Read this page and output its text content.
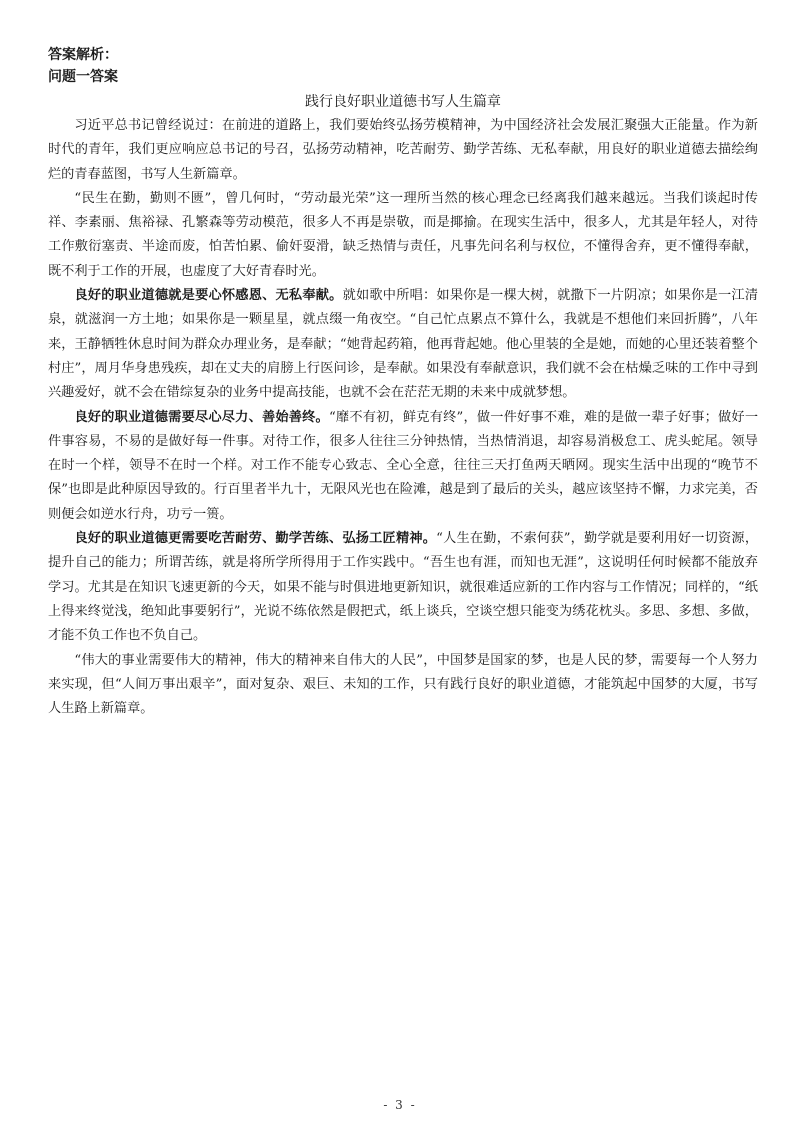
答案解析：

问题一答案

践行良好职业道德书写人生篇章

习近平总书记曾经说过：在前进的道路上，我们要始终弘扬劳模精神，为中国经济社会发展汇聚强大正能量。作为新时代的青年，我们更应响应总书记的号召，弘扬劳动精神，吃苦耐劳、勤学苦练、无私奉献，用良好的职业道德去描绘绚烂的青春蓝图，书写人生新篇章。

“民生在勤，勤则不匮”，曾几何时，“劳动最光荣”这一理所当然的核心理念已经离我们越来越远。当我们谈起时传祥、李素丽、焦裕禄、孔繁森等劳动模范，很多人不再是崇敬，而是揶揄。在现实生活中，很多人，尤其是年轻人，对待工作敷衍塞责、半途而废，怕苦怕累、偷奸耍滑，缺乏热情与责任，凡事先问名利与权位，不懂得舍弃，更不懂得奉献，既不利于工作的开展，也虚度了大好青春时光。

良好的职业道德就是要心怀感恩、无私奉献。就如歌中所唱：如果你是一棵大树，就撒下一片阴凉；如果你是一江清泉，就滋润一方土地；如果你是一颗星星，就点缀一角夜空。“自己忙点累点不算什么，我就是不想他们来回折腾”，八年来，王静牺牲休息时间为群众办理业务，是奉献；“她背起药箱，他再背起她。他心里装的全是她，而她的心里还装着整个村庄”，周月华身患残疾，却在丈夫的肩膀上行医问诊，是奉献。如果没有奉献意识，我们就不会在枯燥乏味的工作中寻到兴趣爱好，就不会在错综复杂的业务中提高技能，也就不会在茫茫无期的未来中成就梦想。

良好的职业道德需要尽心尽力、善始善终。“靡不有初，鲜克有终”，做一件好事不难，难的是做一辈子好事；做好一件事容易，不易的是做好每一件事。对待工作，很多人往往三分钟热情，当热情消退，却容易消极怠工、虎头蛇尾。领导在时一个样，领导不在时一个样。对工作不能专心致志、全心全意，往往三天打鱼两天晒网。现实生活中出现的“晚节不保”也即是此种原因导致的。行百里者半九十，无限风光也在险滩，越是到了最后的关头，越应该坚持不懈，力求完美，否则便会如逆水行舟，功亏一篑。

良好的职业道德更需要吃苦耐劳、勤学苦练、弘扬工匠精神。“人生在勤，不索何获”，勤学就是要利用好一切资源，提升自己的能力；所谓苦练，就是将所学所得用于工作实践中。“吾生也有涯，而知也无涯”，这说明任何时候都不能放弃学习。尤其是在知识飞速更新的今天，如果不能与时俱进地更新知识，就很难适应新的工作内容与工作情况；同样的，“纸上得来终觉浅，绝知此事要躬行”，光说不练依然是假把式，纸上谈兵，空谈空想只能变为绣花枕头。多思、多想、多做，才能不负工作也不负自己。

“伟大的事业需要伟大的精神，伟大的精神来自伟大的人民”，中国梦是国家的梦，也是人民的梦，需要每一个人努力来实现，但“人间万事出艰辛”，面对复杂、艰巨、未知的工作，只有践行良好的职业道德，才能筑起中国梦的大厦，书写人生路上新篇章。

- 3 -
